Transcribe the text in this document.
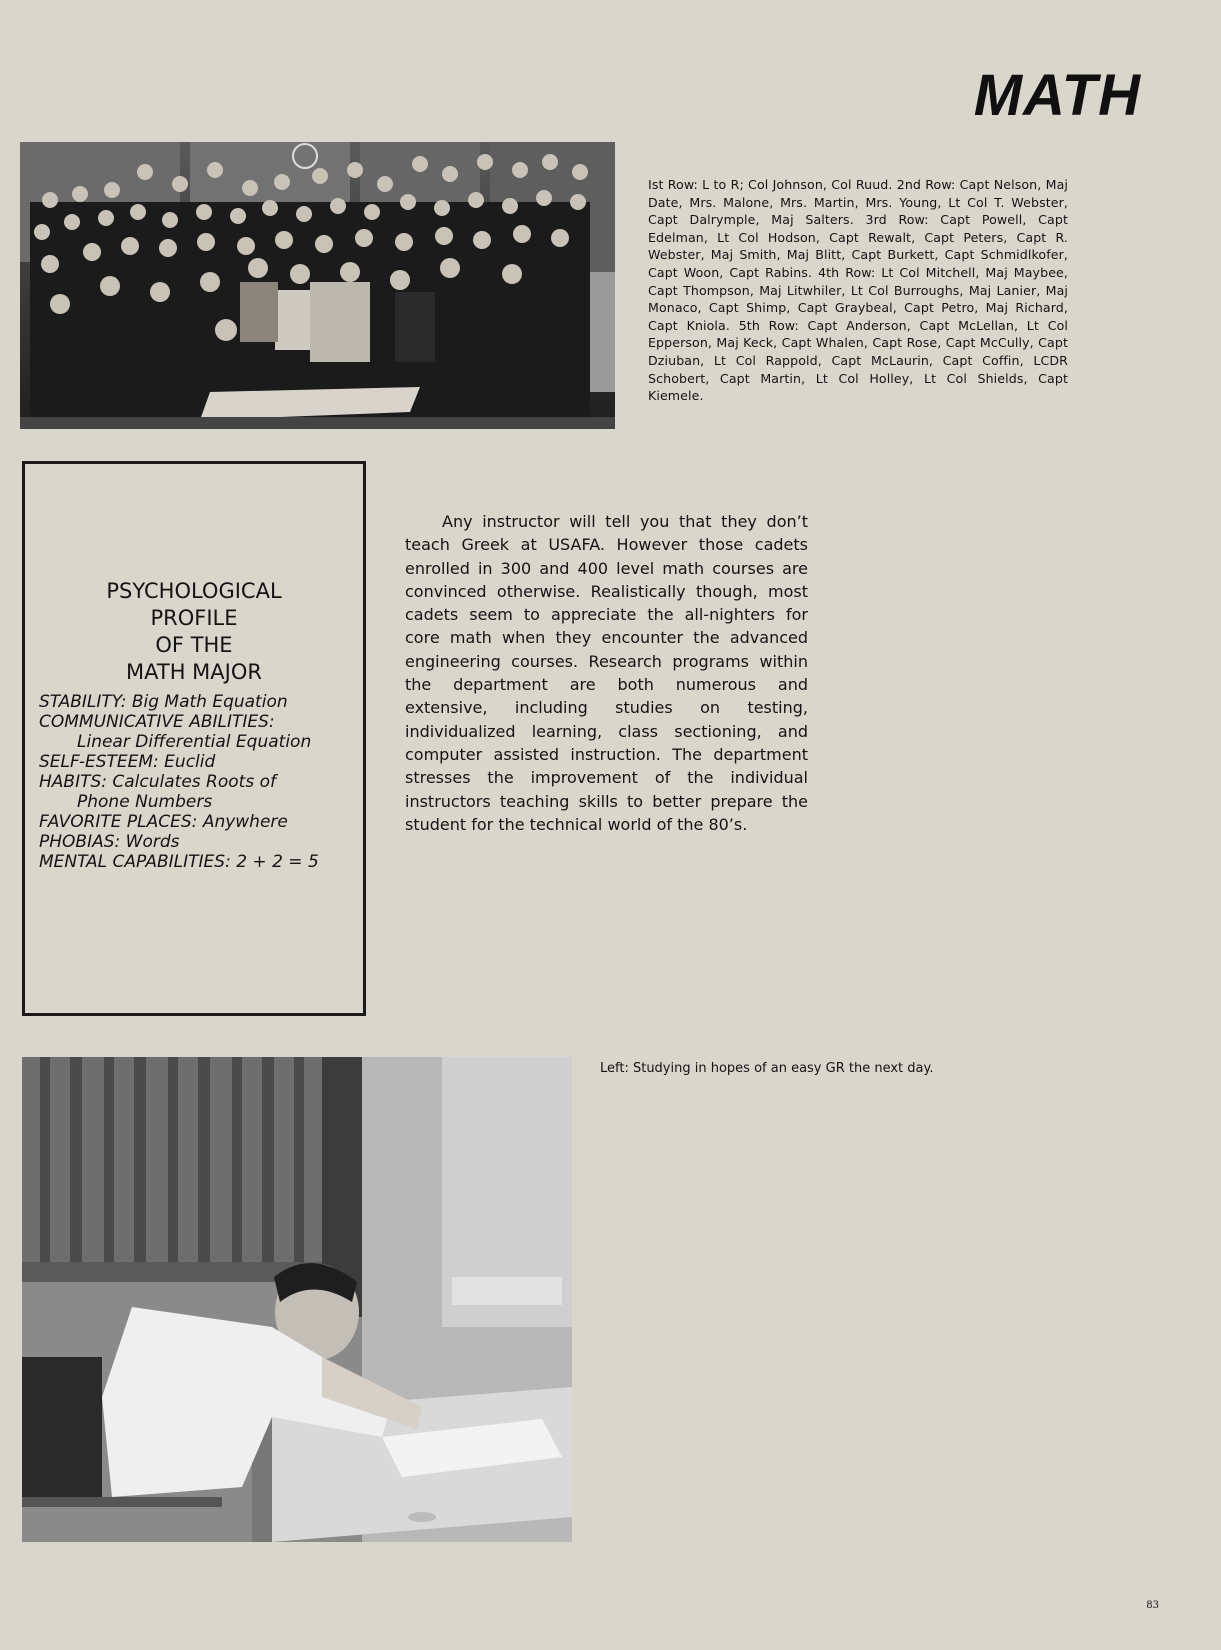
MATH
Ist Row: L to R; Col Johnson, Col Ruud. 2nd Row: Capt Nelson, Maj Date, Mrs. Malone, Mrs. Martin, Mrs. Young, Lt Col T. Webster, Capt Dalrymple, Maj Salters. 3rd Row: Capt Powell, Capt Edelman, Lt Col Hodson, Capt Rewalt, Capt Peters, Capt R. Webster, Maj Smith, Maj Blitt, Capt Burkett, Capt Schmidlkofer, Capt Woon, Capt Rabins. 4th Row: Lt Col Mitchell, Maj Maybee, Capt Thompson, Maj Litwhiler, Lt Col Burroughs, Maj Lanier, Maj Monaco, Capt Shimp, Capt Graybeal, Capt Petro, Maj Richard, Capt Kniola. 5th Row: Capt Anderson, Capt McLellan, Lt Col Epperson, Maj Keck, Capt Whalen, Capt Rose, Capt McCully, Capt Dziuban, Lt Col Rappold, Capt McLaurin, Capt Coffin, LCDR Schobert, Capt Martin, Lt Col Holley, Lt Col Shields, Capt Kiemele.
PSYCHOLOGICAL
PROFILE
OF THE
MATH MAJOR
STABILITY: Big Math Equation
COMMUNICATIVE ABILITIES:
Linear Differential Equation
SELF-ESTEEM: Euclid
HABITS: Calculates Roots of
Phone Numbers
FAVORITE PLACES: Anywhere
PHOBIAS: Words
MENTAL CAPABILITIES: 2 + 2 = 5

Any instructor will tell you that they don’t teach Greek at USAFA. However those cadets enrolled in 300 and 400 level math courses are convinced otherwise. Realistically though, most cadets seem to appreciate the all-nighters for core math when they encounter the advanced engineering courses. Research programs within the department are both numerous and extensive, including studies on testing, individualized learning, class sectioning, and computer assisted instruction. The department stresses the improvement of the individual instructors teaching skills to better prepare the student for the technical world of the 80’s.

Left: Studying in hopes of an easy GR the next day.
83
